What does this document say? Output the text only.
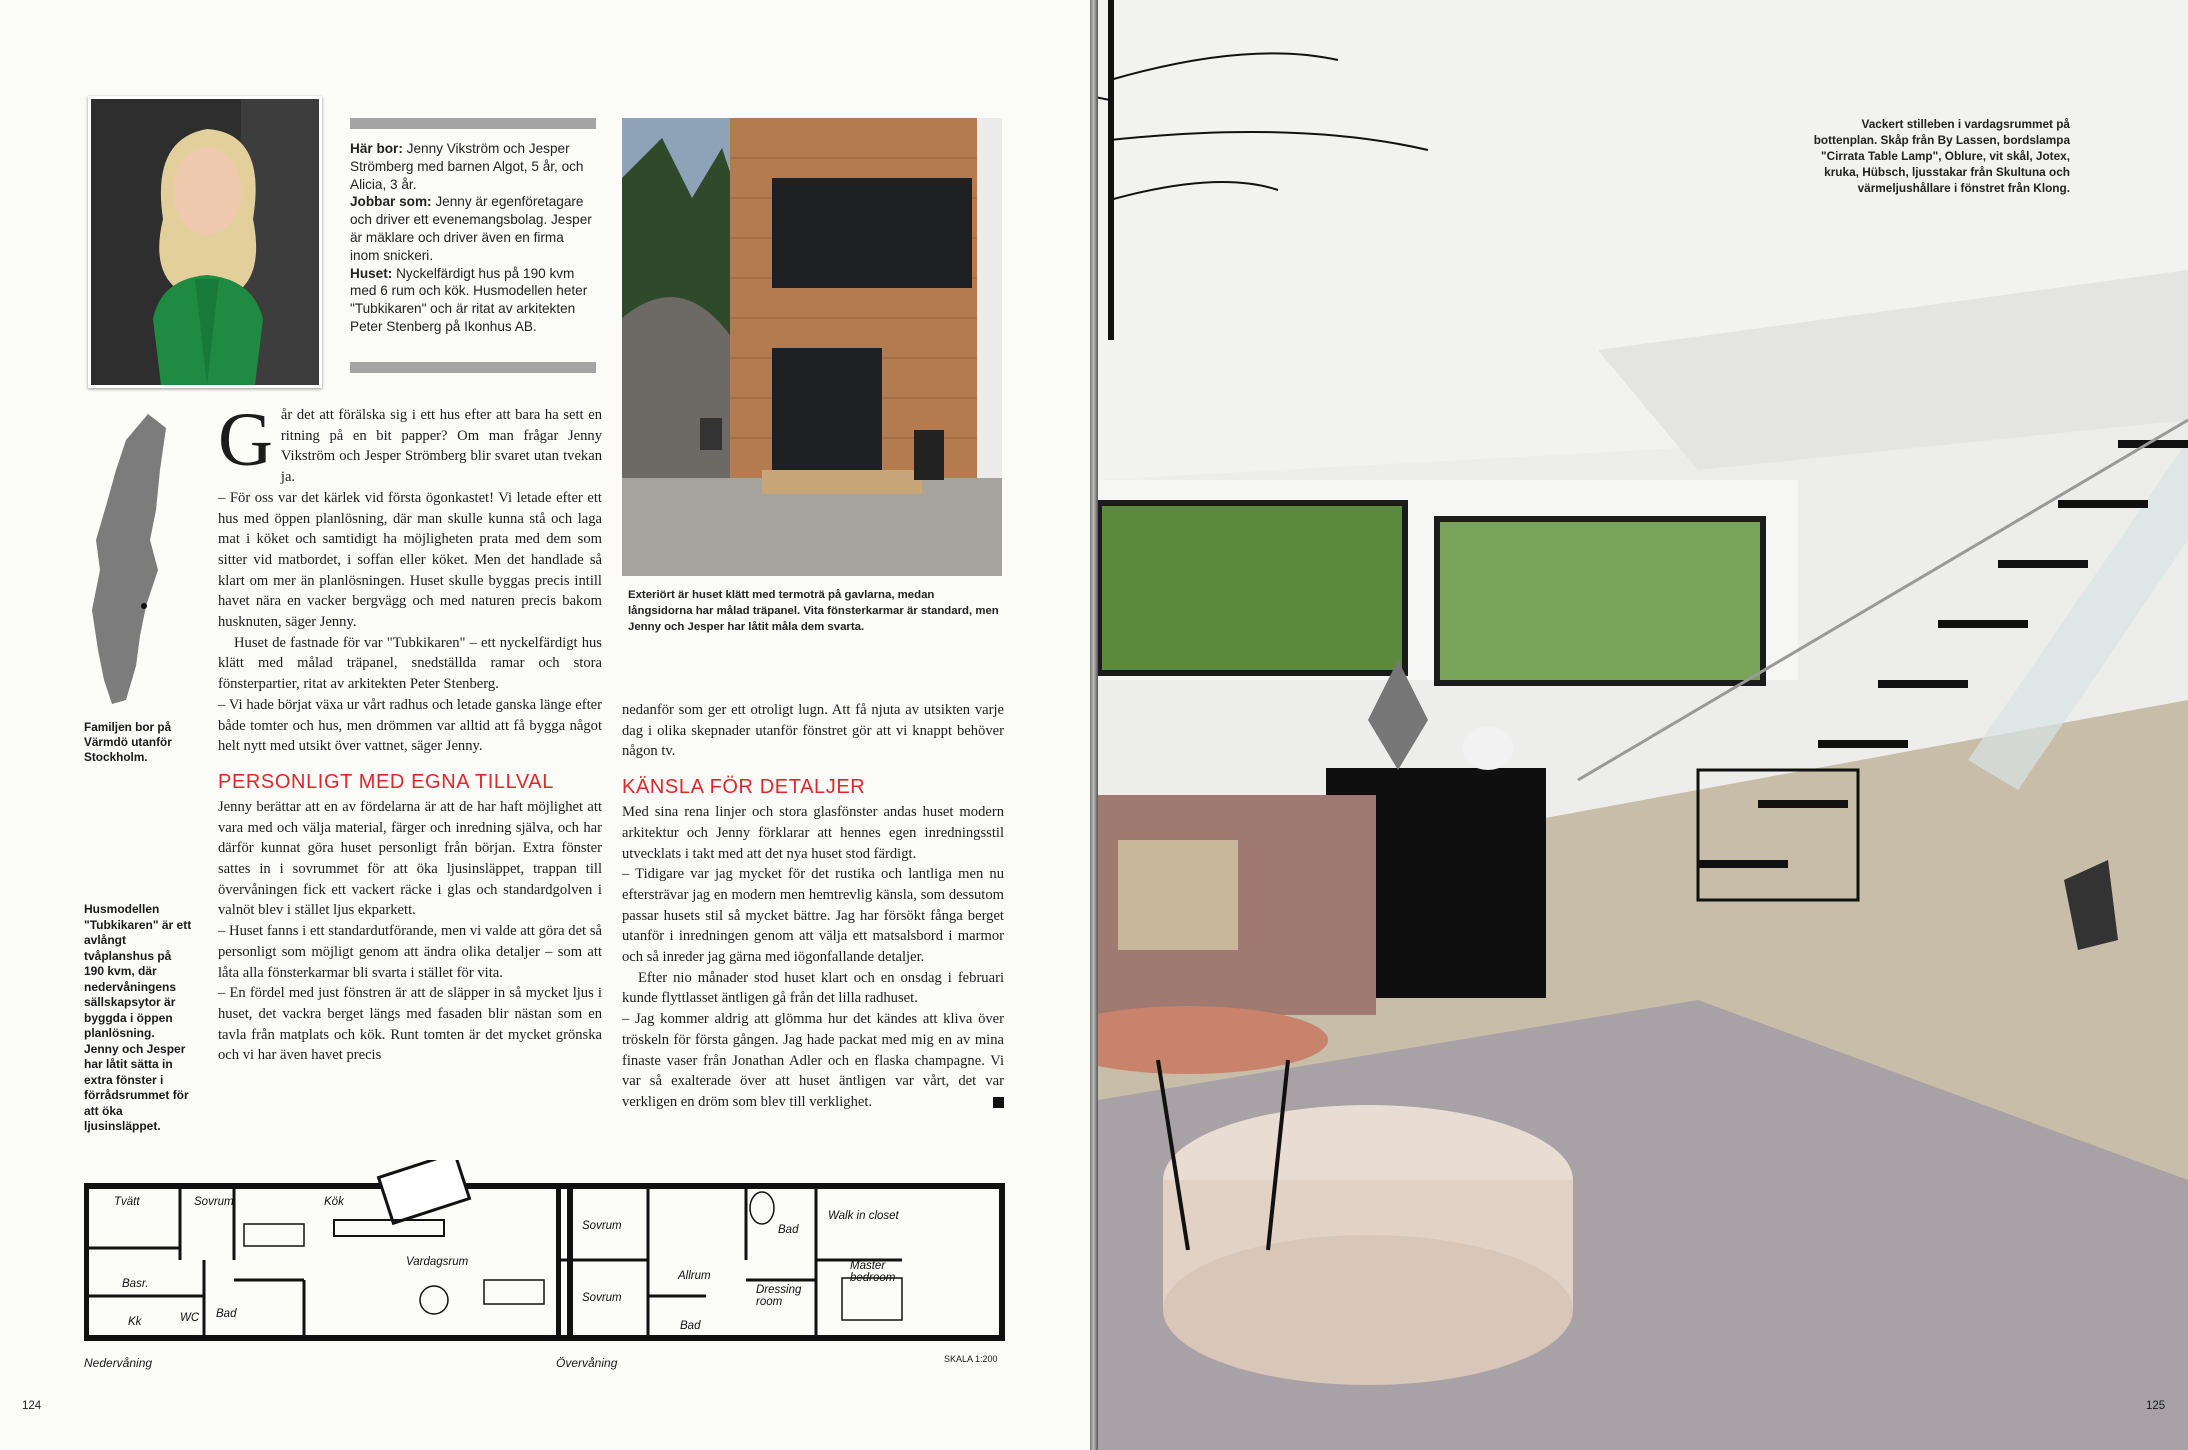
Här bor: Jenny Vikström och Jesper Strömberg med barnen Algot, 5 år, och Alicia, 3 år.
Jobbar som: Jenny är egenföretagare och driver ett evenemangsbolag. Jesper är mäklare och driver även en firma inom snickeri.
Huset: Nyckelfärdigt hus på 190 kvm med 6 rum och kök. Husmodellen heter "Tubkikaren" och är ritat av arkitekten Peter Stenberg på Ikonhus AB.
Exteriört är huset klätt med termoträ på gavlarna, medan långsidorna har målad träpanel. Vita fönsterkarmar är standard, men Jenny och Jesper har låtit måla dem svarta.
Familjen bor på Värmdö utanför Stockholm.
Husmodellen "Tubkikaren" är ett avlångt tvåplanshus på 190 kvm, där nedervåningens sällskapsytor är byggda i öppen planlösning. Jenny och Jesper har låtit sätta in extra fönster i förrådsrummet för att öka ljusinsläppet.

Går det att förälska sig i ett hus efter att bara ha sett en ritning på en bit papper? Om man frågar Jenny Vikström och Jesper Strömberg blir svaret utan tvekan ja.

– För oss var det kärlek vid första ögonkastet! Vi letade efter ett hus med öppen planlösning, där man skulle kunna stå och laga mat i köket och samtidigt ha möjligheten prata med dem som sitter vid matbordet, i soffan eller köket. Men det handlade så klart om mer än planlösningen. Huset skulle byggas precis intill havet nära en vacker bergvägg och med naturen precis bakom husknuten, säger Jenny.

Huset de fastnade för var "Tubkikaren" – ett nyckelfärdigt hus klätt med målad träpanel, snedställda ramar och stora fönsterpartier, ritat av arkitekten Peter Stenberg.

– Vi hade börjat växa ur vårt radhus och letade ganska länge efter både tomter och hus, men drömmen var alltid att få bygga något helt nytt med utsikt över vattnet, säger Jenny.

PERSONLIGT MED EGNA TILLVAL

Jenny berättar att en av fördelarna är att de har haft möjlighet att vara med och välja material, färger och inredning själva, och har därför kunnat göra huset personligt från början. Extra fönster sattes in i sovrummet för att öka ljusinsläppet, trappan till övervåningen fick ett vackert räcke i glas och standardgolven i valnöt blev i stället ljus ekparkett.

– Huset fanns i ett standardutförande, men vi valde att göra det så personligt som möjligt genom att ändra olika detaljer – som att låta alla fönsterkarmar bli svarta i stället för vita.

– En fördel med just fönstren är att de släpper in så mycket ljus i huset, det vackra berget längs med fasaden blir nästan som en tavla från matplats och kök. Runt tomten är det mycket grönska och vi har även havet precis

nedanför som ger ett otroligt lugn. Att få njuta av utsikten varje dag i olika skepnader utanför fönstret gör att vi knappt behöver någon tv.

KÄNSLA FÖR DETALJER

Med sina rena linjer och stora glasfönster andas huset modern arkitektur och Jenny förklarar att hennes egen inredningsstil utvecklats i takt med att det nya huset stod färdigt.

– Tidigare var jag mycket för det rustika och lantliga men nu eftersträvar jag en modern men hemtrevlig känsla, som dessutom passar husets stil så mycket bättre. Jag har försökt fånga berget utanför i inredningen genom att välja ett matsalsbord i marmor och så inreder jag gärna med iögonfallande detaljer.

Efter nio månader stod huset klart och en onsdag i februari kunde flyttlasset äntligen gå från det lilla radhuset.

– Jag kommer aldrig att glömma hur det kändes att kliva över tröskeln för första gången. Jag hade packat med mig en av mina finaste vaser från Jonathan Adler och en flaska champagne. Vi var så exalterade över att huset äntligen var vårt, det var verkligen en dröm som blev till verklighet.

Tvätt	Sovrum	Kök
Vardagsrum
Basr.
Kk	WC Bad
Nedervåning
Sovrum
Sovrum
Allrum
Bad
Bad
Walk in closet
Master bedroom
Dressing room
Övervåning	SKALA 1:200
124
Vackert stilleben i vardagsrummet på bottenplan. Skåp från By Lassen, bordslampa "Cirrata Table Lamp", Oblure, vit skål, Jotex, kruka, Hübsch, ljusstakar från Skultuna och värmeljushållare i fönstret från Klong.
125
